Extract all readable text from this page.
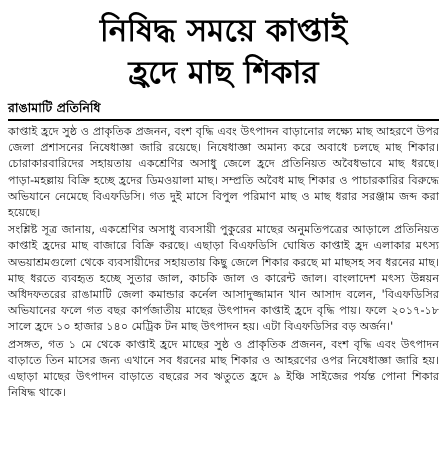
নিষিদ্ধ সময়ে কাপ্তাই
হ্রদে মাছ শিকার
রাঙামাটি প্রতিনিধি

কাপ্তাই হ্রদে সুষ্ঠ ও প্রাকৃতিক প্রজনন, বংশ বৃদ্ধি এবং উৎপাদন বাড়ানোর লক্ষ্যে মাছ আহরণে উপর জেলা প্রশাসনের নিষেধাজ্ঞা জারি রয়েছে। নিষেধাজ্ঞা অমান্য করে অবাধে চলছে মাছ শিকার। চোরাকারবারিদের সহায়তায় একশ্রেণির অসাধু জেলে হ্রদে প্রতিনিয়ত অবৈধভাবে মাছ ধরছে। পাড়া-মহল্লায় বিক্রি হচ্ছে হ্রদের ডিমওয়ালা মাছ। সম্প্রতি অবৈধ মাছ শিকার ও পাচারকারির বিরুদ্ধে অভিযানে নেমেছে বিএফডিসি। গত দুই মাসে বিপুল পরিমাণ মাছ ও মাছ ধরার সরঞ্জাম জব্দ করা হয়েছে।

সংশ্লিষ্ট সূত্র জানায়, একশ্রেণির অসাধু ব্যবসায়ী পুকুরের মাছের অনুমতিপত্রের আড়ালে প্রতিনিয়ত কাপ্তাই হ্রদের মাছ বাজারে বিক্রি করছে। এছাড়া বিএফডিসি ঘোষিত কাপ্তাই হ্রদ এলাকার মৎস্য অভয়াশ্রমগুলো থেকে ব্যবসায়ীদের সহায়তায় কিছু জেলে শিকার করছে মা মাছসহ সব ধরনের মাছ। মাছ ধরতে ব্যবহৃত হচ্ছে সুতার জাল, কাচকি জাল ও কারেন্ট জাল। বাংলাদেশ মৎস্য উন্নয়ন অধিদফতরের রাঙামাটি জেলা কমান্ডার কর্নেল আসাদুজ্জামান খান আসাদ বলেন, 'বিএফডিসির অভিযানের ফলে গত বছর কার্পজাতীয় মাছের উৎপাদন কাপ্তাই হ্রদে বৃদ্ধি পায়। ফলে ২০১৭-১৮ সালে হ্রদে ১০ হাজার ১৪০ মেট্রিক টন মাছ উৎপাদন হয়। এটা বিএফডিসির বড় অর্জন।'

প্রসঙ্গত, গত ১ মে থেকে কাপ্তাই হ্রদে মাছের সুষ্ঠ ও প্রাকৃতিক প্রজনন, বংশ বৃদ্ধি এবং উৎপাদন বাড়াতে তিন মাসের জন্য এখানে সব ধরনের মাছ শিকার ও আহরণের ওপর নিষেধাজ্ঞা জারি হয়। এছাড়া মাছের উৎপাদন বাড়াতে বছরের সব ঋতুতে হ্রদে ৯ ইঞ্চি সাইজের পর্যন্ত পোনা শিকার নিষিদ্ধ থাকে।
